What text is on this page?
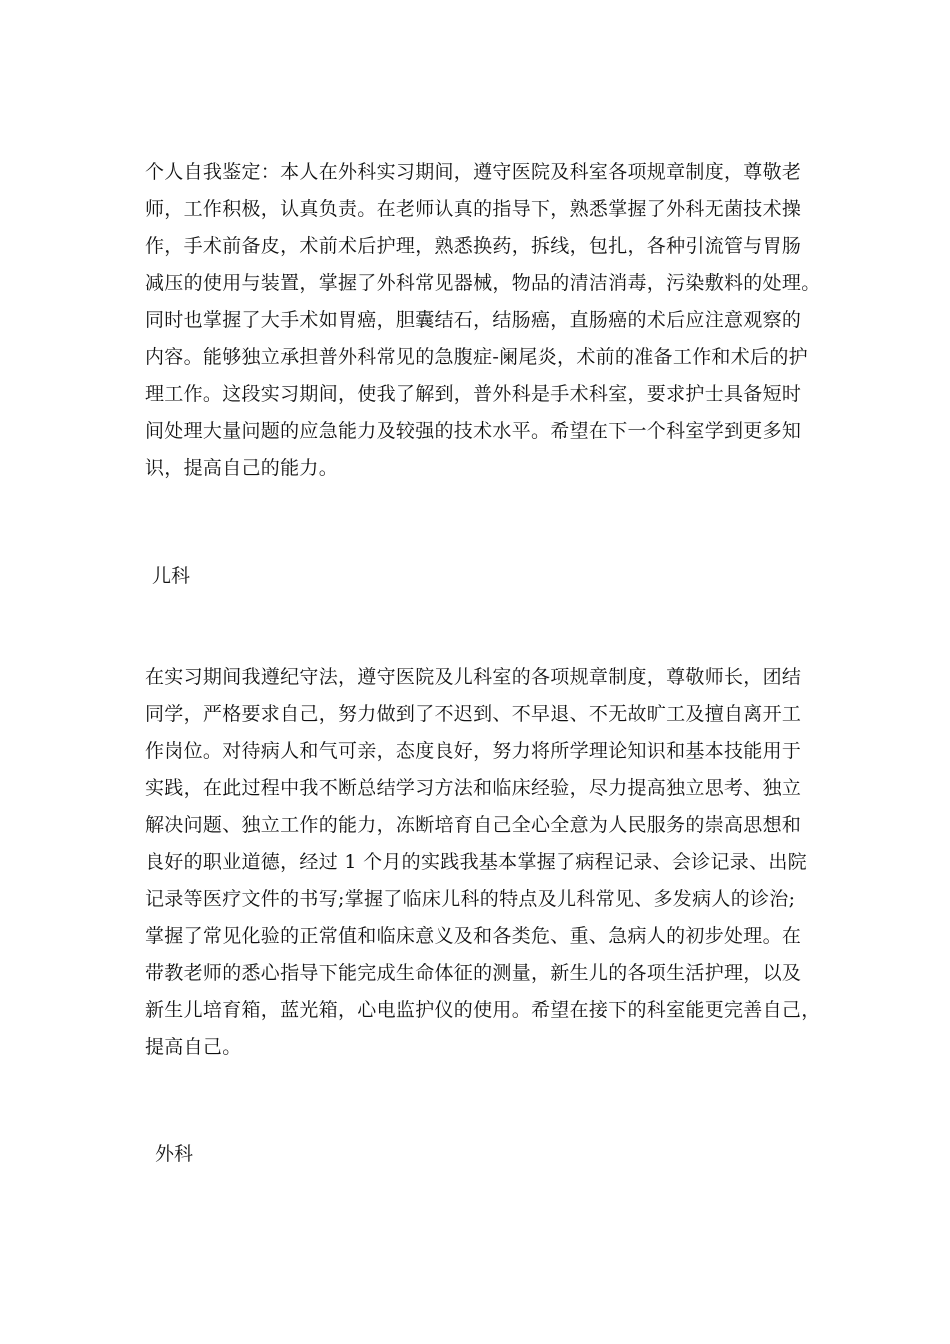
个人自我鉴定：本人在外科实习期间，遵守医院及科室各项规章制度，尊敬老
师，工作积极，认真负责。在老师认真的指导下，熟悉掌握了外科无菌技术操
作，手术前备皮，术前术后护理，熟悉换药，拆线，包扎，各种引流管与胃肠
减压的使用与装置，掌握了外科常见器械，物品的清洁消毒，污染敷料的处理。
同时也掌握了大手术如胃癌，胆囊结石，结肠癌，直肠癌的术后应注意观察的
内容。能够独立承担普外科常见的急腹症-阑尾炎，术前的准备工作和术后的护
理工作。这段实习期间，使我了解到，普外科是手术科室，要求护士具备短时
间处理大量问题的应急能力及较强的技术水平。希望在下一个科室学到更多知
识，提高自己的能力。
儿科
在实习期间我遵纪守法，遵守医院及儿科室的各项规章制度，尊敬师长，团结
同学，严格要求自己，努力做到了不迟到、不早退、不无故旷工及擅自离开工
作岗位。对待病人和气可亲，态度良好，努力将所学理论知识和基本技能用于
实践，在此过程中我不断总结学习方法和临床经验，尽力提高独立思考、独立
解决问题、独立工作的能力，冻断培育自己全心全意为人民服务的崇高思想和
良好的职业道德，经过 1 个月的实践我基本掌握了病程记录、会诊记录、出院
记录等医疗文件的书写;掌握了临床儿科的特点及儿科常见、多发病人的诊治;
掌握了常见化验的正常值和临床意义及和各类危、重、急病人的初步处理。在
带教老师的悉心指导下能完成生命体征的测量，新生儿的各项生活护理，以及
新生儿培育箱，蓝光箱，心电监护仪的使用。希望在接下的科室能更完善自己，
提高自己。
外科
